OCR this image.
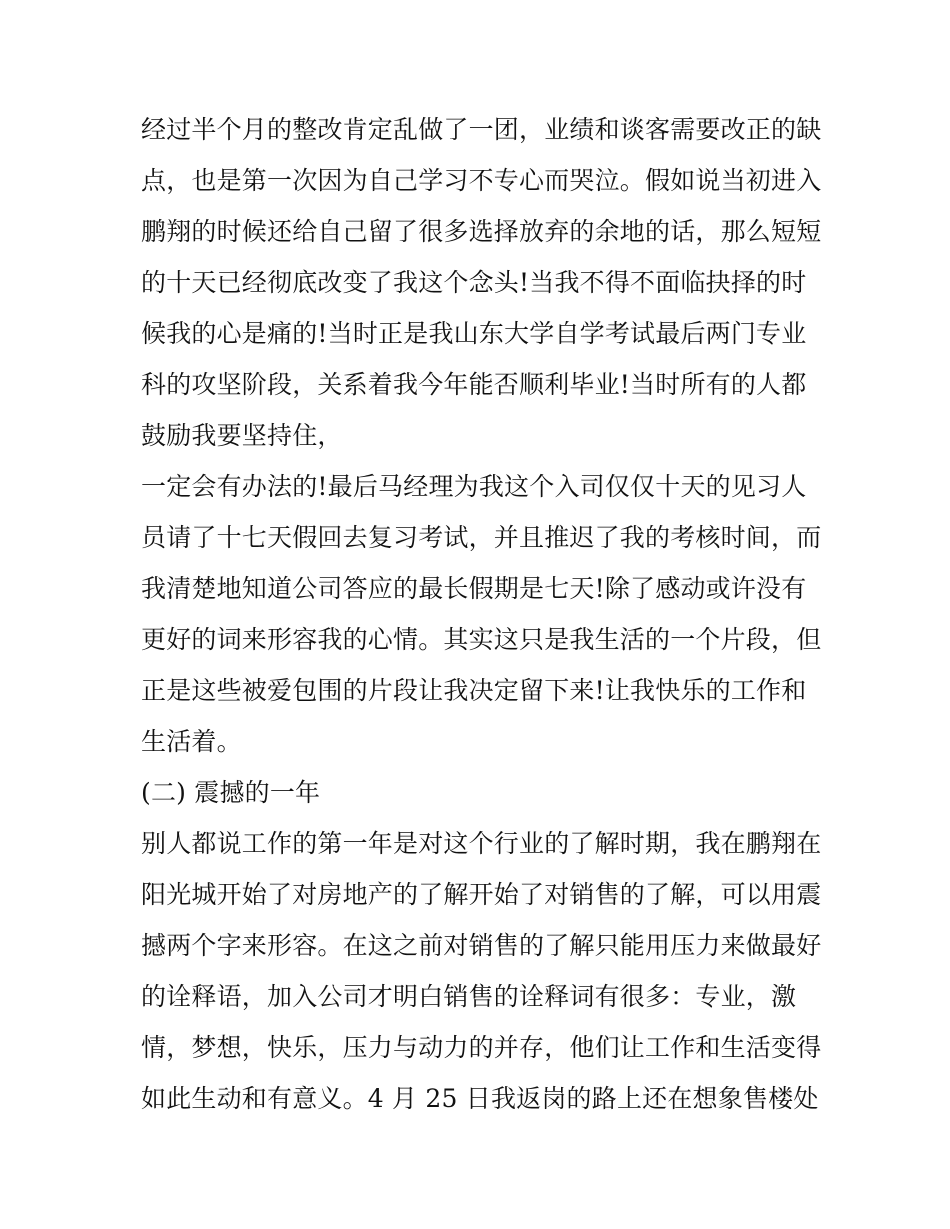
经过半个月的整改肯定乱做了一团，业绩和谈客需要改正的缺
点，也是第一次因为自己学习不专心而哭泣。假如说当初进入
鹏翔的时候还给自己留了很多选择放弃的余地的话，那么短短
的十天已经彻底改变了我这个念头!当我不得不面临抉择的时
候我的心是痛的!当时正是我山东大学自学考试最后两门专业
科的攻坚阶段，关系着我今年能否顺利毕业!当时所有的人都
鼓励我要坚持住，
一定会有办法的!最后马经理为我这个入司仅仅十天的见习人
员请了十七天假回去复习考试，并且推迟了我的考核时间，而
我清楚地知道公司答应的最长假期是七天!除了感动或许没有
更好的词来形容我的心情。其实这只是我生活的一个片段，但
正是这些被爱包围的片段让我决定留下来!让我快乐的工作和
生活着。
(二) 震撼的一年
别人都说工作的第一年是对这个行业的了解时期，我在鹏翔在
阳光城开始了对房地产的了解开始了对销售的了解，可以用震
撼两个字来形容。在这之前对销售的了解只能用压力来做最好
的诠释语，加入公司才明白销售的诠释词有很多：专业，激
情，梦想，快乐，压力与动力的并存，他们让工作和生活变得
如此生动和有意义。4 月 25 日我返岗的路上还在想象售楼处
